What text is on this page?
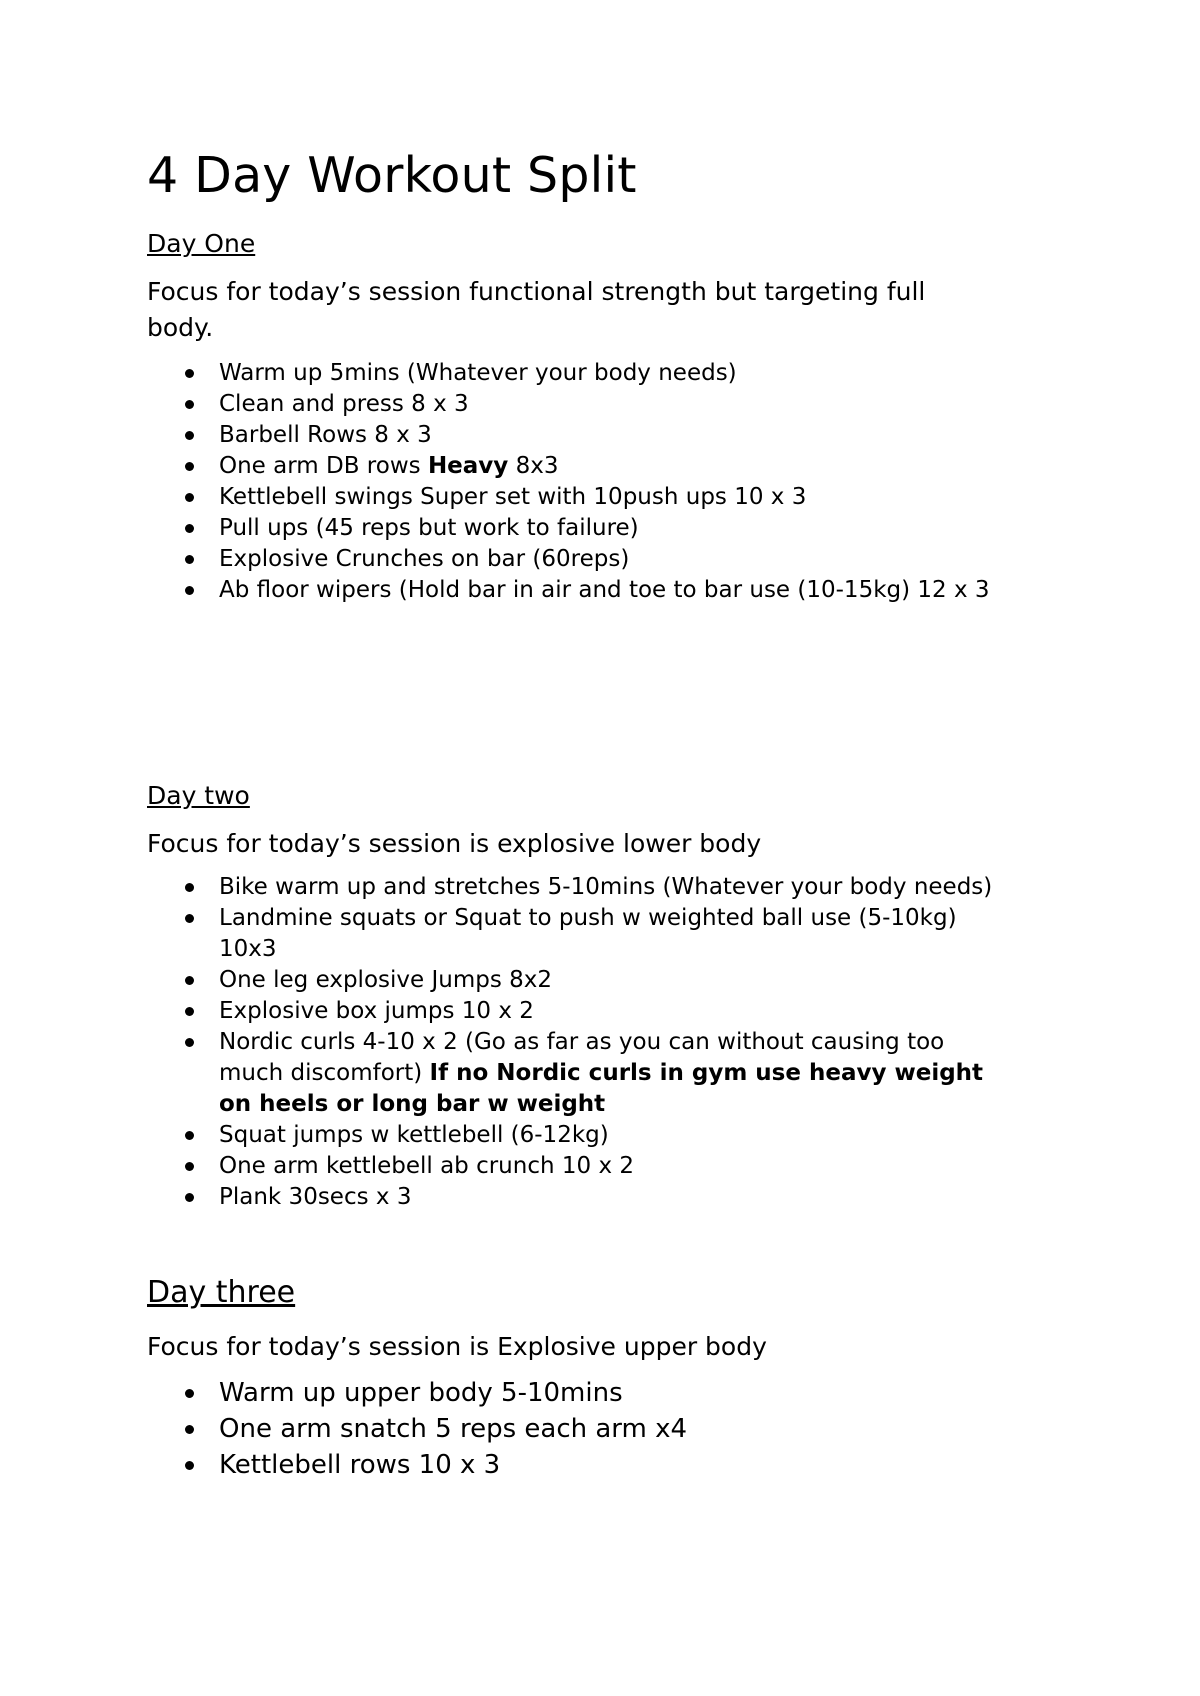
4 Day Workout Split

Day One

Focus for today’s session functional strength but targeting full
body.

Warm up 5mins (Whatever your body needs)
Clean and press 8 x 3
Barbell Rows 8 x 3
One arm DB rows Heavy 8x3
Kettlebell swings Super set with 10push ups 10 x 3
Pull ups (45 reps but work to failure)
Explosive Crunches on bar (60reps)
Ab floor wipers (Hold bar in air and toe to bar use (10-15kg) 12 x 3

Day two

Focus for today’s session is explosive lower body

Bike warm up and stretches 5-10mins (Whatever your body needs)
Landmine squats or Squat to push w weighted ball use (5-10kg)
10x3
One leg explosive Jumps 8x2
Explosive box jumps 10 x 2
Nordic curls 4-10 x 2 (Go as far as you can without causing too
much discomfort) If no Nordic curls in gym use heavy weight
on heels or long bar w weight
Squat jumps w kettlebell (6-12kg)
One arm kettlebell ab crunch 10 x 2
Plank 30secs x 3

Day three

Focus for today’s session is Explosive upper body

Warm up upper body 5-10mins
One arm snatch 5 reps each arm x4
Kettlebell rows 10 x 3
